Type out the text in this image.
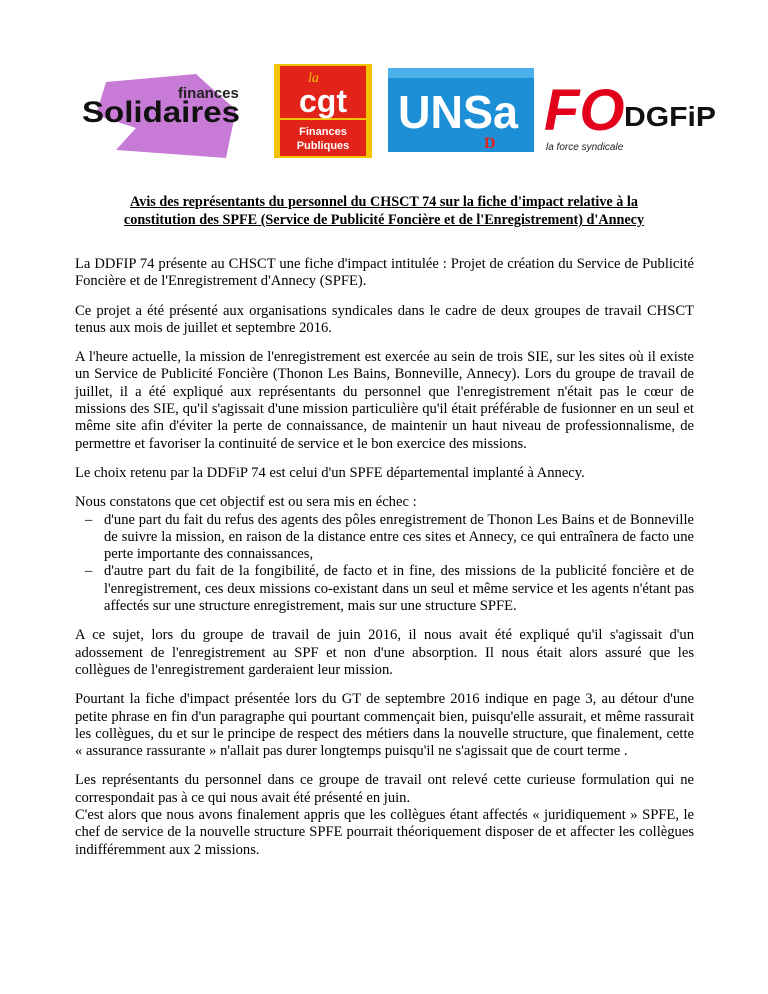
finances
Solidaires
la
cgt
Finances
Publiques
UNSa
D
FO
la force syndicale
DGFiP
Avis des représentants du personnel du CHSCT 74 sur la fiche d'impact relative à la
constitution des SPFE (Service de Publicité Foncière et de l'Enregistrement) d'Annecy

La DDFIP 74 présente au CHSCT une fiche d'impact intitulée : Projet de création du Service de Publicité Foncière et de l'Enregistrement d'Annecy (SPFE).

Ce projet a été présenté aux organisations syndicales dans le cadre de deux groupes de travail CHSCT tenus aux mois de juillet et septembre 2016.

A l'heure actuelle, la mission de l'enregistrement est exercée au sein de trois SIE, sur les sites où il existe un Service de Publicité Foncière (Thonon Les Bains, Bonneville, Annecy). Lors du groupe de travail de juillet, il a été expliqué aux représentants du personnel que l'enregistrement n'était pas le cœur de missions des SIE, qu'il s'agissait d'une mission particulière qu'il était préférable de fusionner en un seul et même site afin d'éviter la perte de connaissance, de maintenir un haut niveau de professionnalisme, de permettre et favoriser la continuité de service et le bon exercice des missions.

Le choix retenu par la DDFiP 74 est celui d'un SPFE départemental implanté à Annecy.

Nous constatons que cet objectif est ou sera mis en échec :

– d'une part du fait du refus des agents des pôles enregistrement de Thonon Les Bains et de Bonneville de suivre la mission, en raison de la distance entre ces sites et Annecy, ce qui entraînera de facto une perte importante des connaissances,
– d'autre part du fait de la fongibilité, de facto et in fine, des missions de la publicité foncière et de l'enregistrement, ces deux missions co-existant dans un seul et même service et les agents n'étant pas affectés sur une structure enregistrement, mais sur une structure SPFE.

A ce sujet, lors du groupe de travail de juin 2016, il nous avait été expliqué qu'il s'agissait d'un adossement de l'enregistrement au SPF et non d'une absorption. Il nous était alors assuré que les collègues de l'enregistrement garderaient leur mission.

Pourtant la fiche d'impact présentée lors du GT de septembre 2016 indique en page 3, au détour d'une petite phrase en fin d'un paragraphe qui pourtant commençait bien, puisqu'elle assurait, et même rassurait les collègues, du et sur le principe de respect des métiers dans la nouvelle structure, que finalement, cette « assurance rassurante » n'allait pas durer longtemps puisqu'il ne s'agissait que de court terme .

Les représentants du personnel dans ce groupe de travail ont relevé cette curieuse formulation qui ne correspondait pas à ce qui nous avait été présenté en juin.

C'est alors que nous avons finalement appris que les collègues étant affectés « juridiquement » SPFE, le chef de service de la nouvelle structure SPFE pourrait théoriquement disposer de et affecter les collègues indifféremment aux 2 missions.
